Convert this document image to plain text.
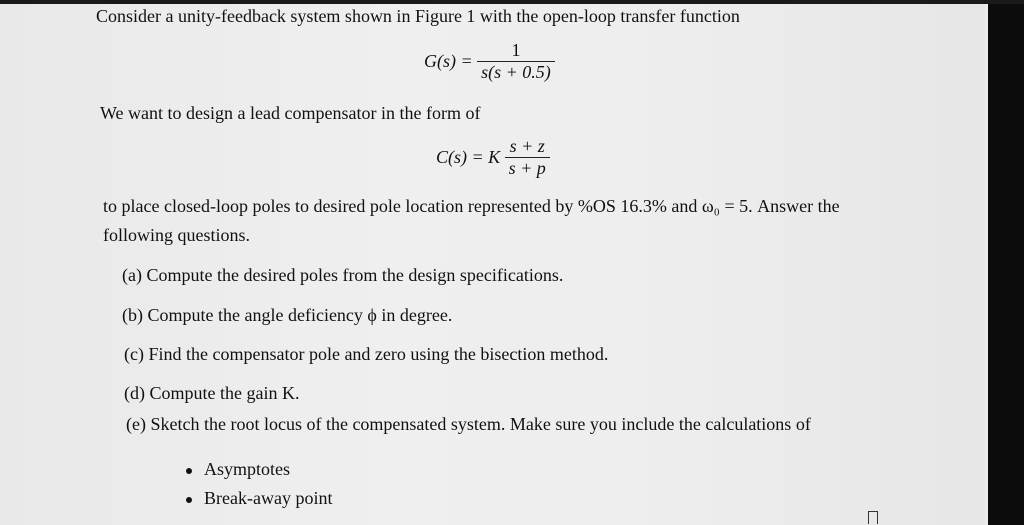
Consider a unity-feedback system shown in Figure 1 with the open-loop transfer function
$G(s) = \frac{1}{s(s + 0.5)}$
We want to design a lead compensator in the form of
C(s) = K $\frac{s + z}{s + p}$
to place closed-loop poles to desired pole location represented by %OS 16.3% and ω₀ = 5. Answer the
following questions.
(a) Compute the desired poles from the design specifications.
(b) Compute the angle deficiency ϕ in degree.
(c) Find the compensator pole and zero using the bisection method.
(d) Compute the gain K.
(e) Sketch the root locus of the compensated system. Make sure you include the calculations of
Asymptotes
Break-away point
